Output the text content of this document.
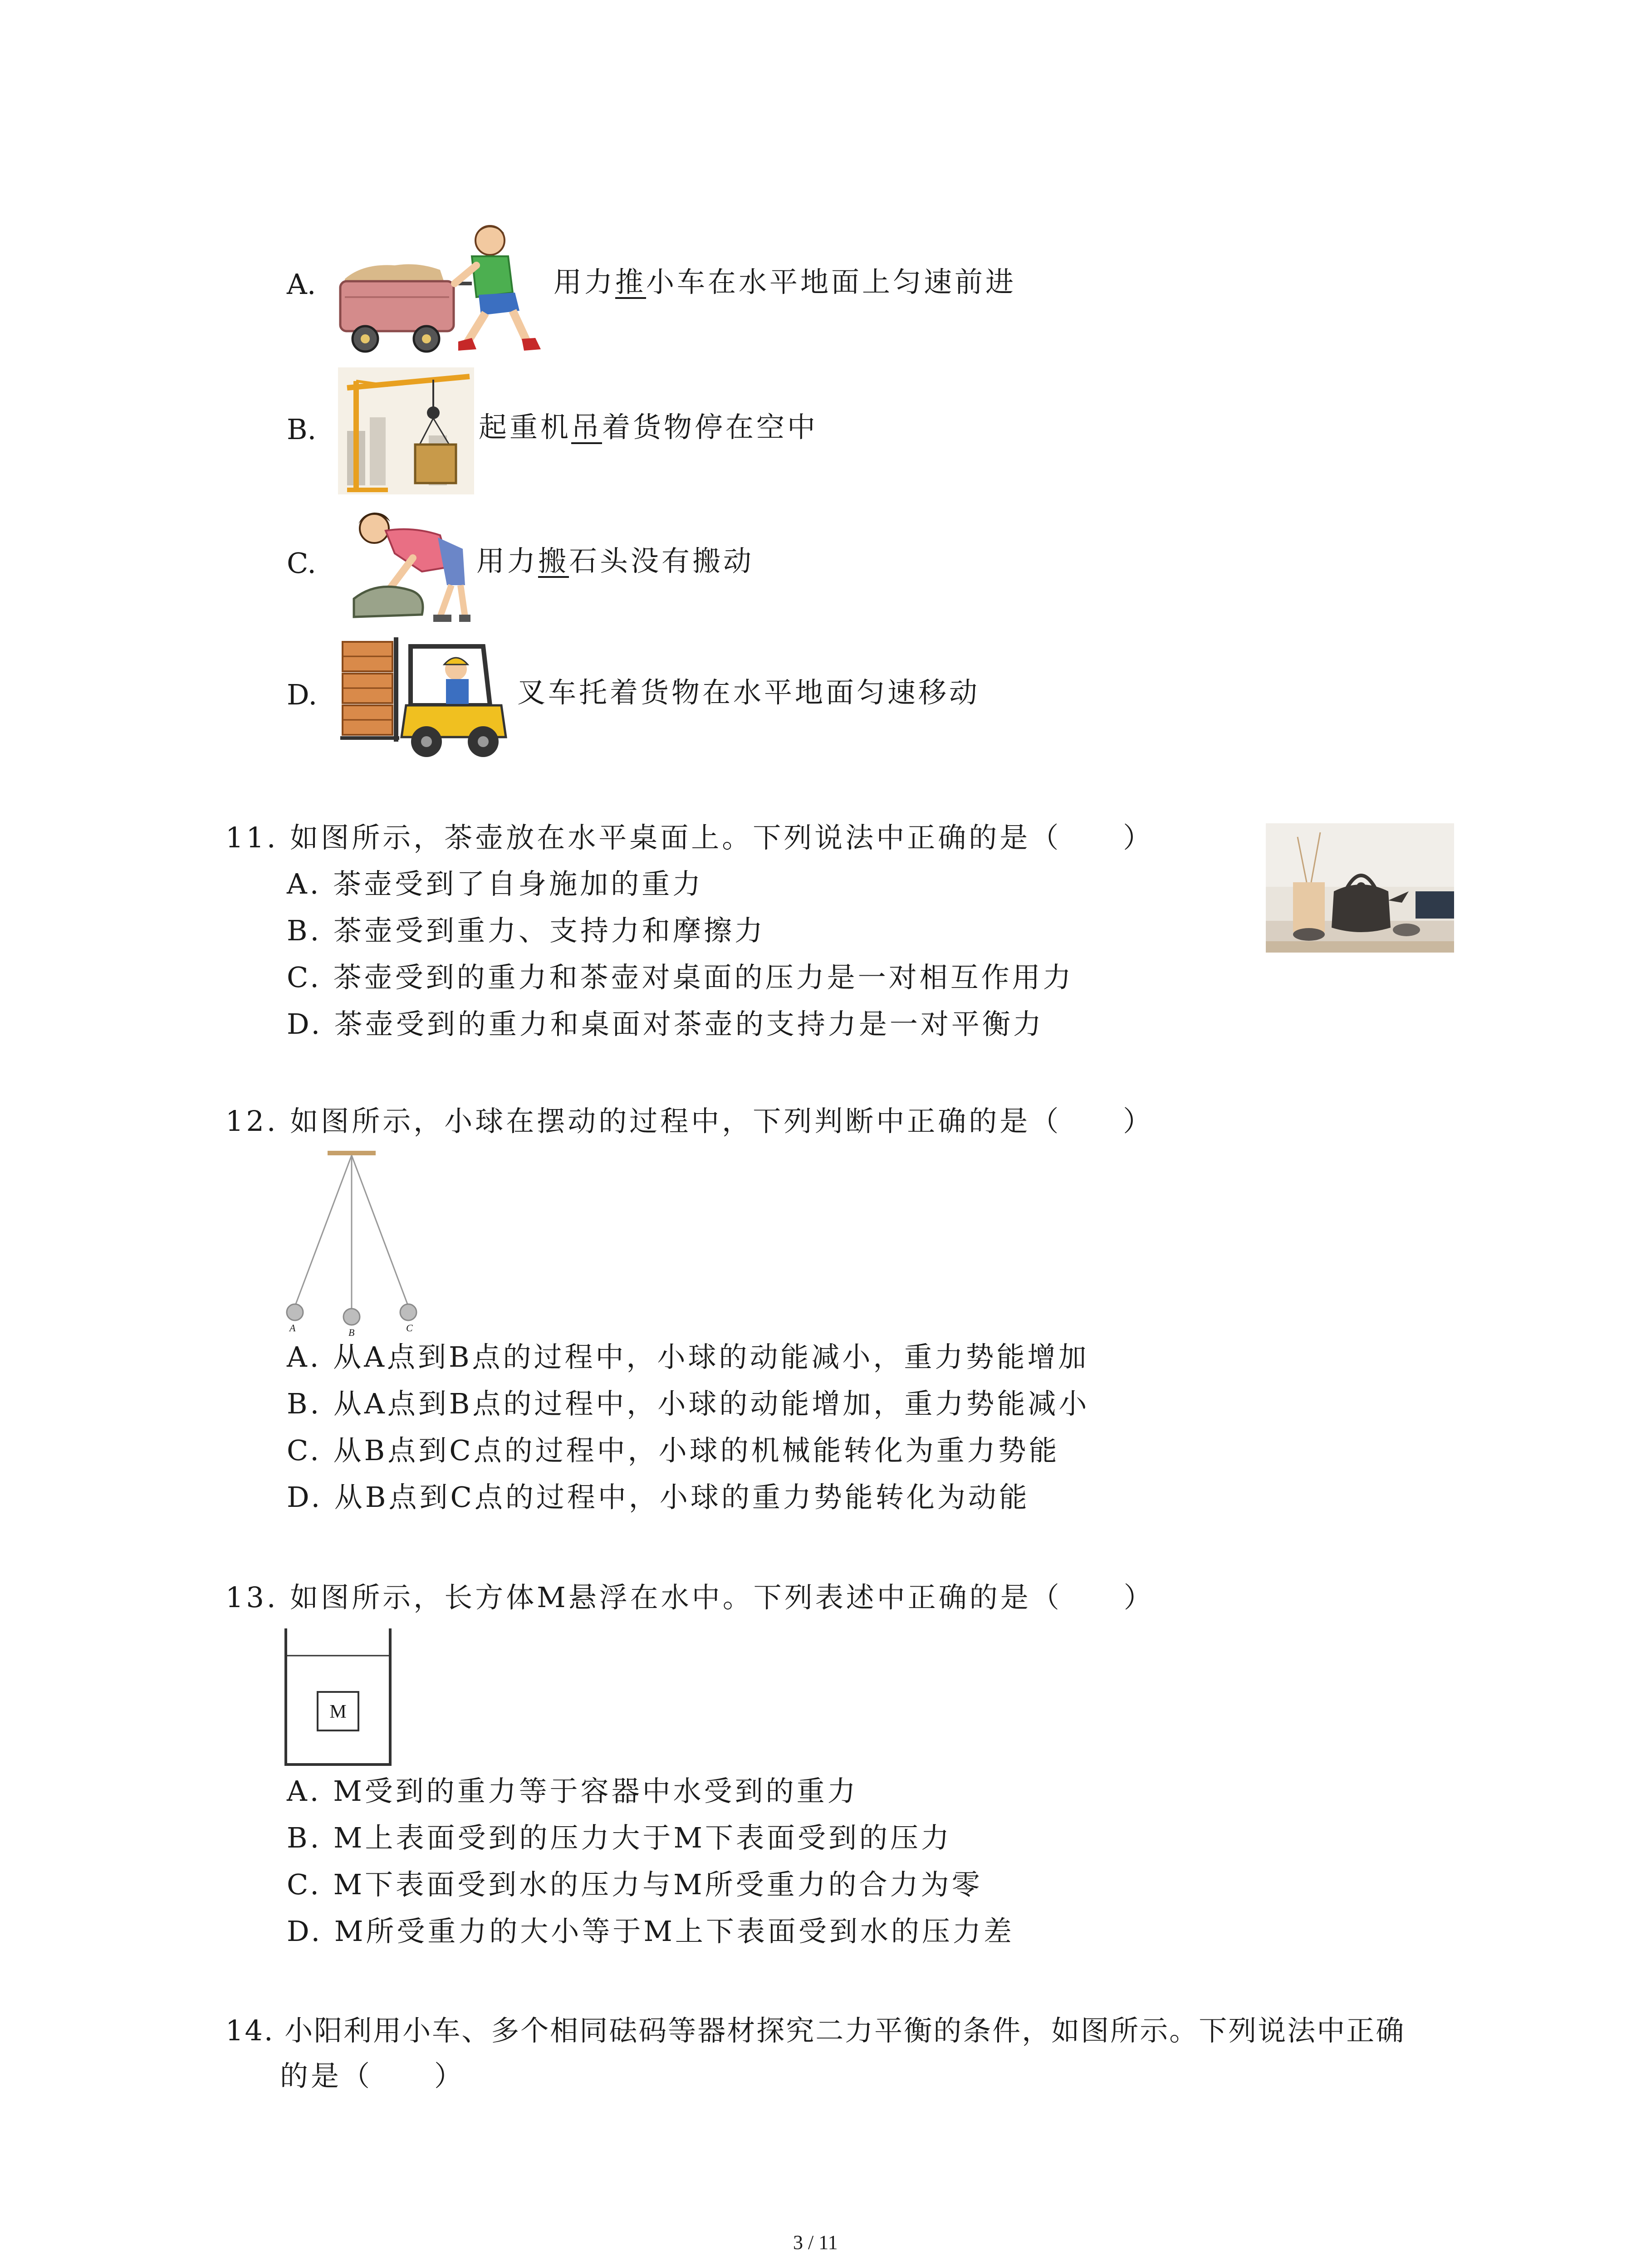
A.	用力推小车在水平地面上匀速前进
B.	起重机吊着货物停在空中
C.	用力搬石头没有搬动
D.	叉车托着货物在水平地面匀速移动
11. 如图所示，茶壶放在水平桌面上。下列说法中正确的是（　　）
A. 茶壶受到了自身施加的重力
B. 茶壶受到重力、支持力和摩擦力
C. 茶壶受到的重力和茶壶对桌面的压力是一对相互作用力
D. 茶壶受到的重力和桌面对茶壶的支持力是一对平衡力
12. 如图所示，小球在摆动的过程中，下列判断中正确的是（　　）
A	B	C
A. 从A点到B点的过程中，小球的动能减小，重力势能增加
B. 从A点到B点的过程中，小球的动能增加，重力势能减小
C. 从B点到C点的过程中，小球的机械能转化为重力势能
D. 从B点到C点的过程中，小球的重力势能转化为动能
13. 如图所示，长方体M悬浮在水中。下列表述中正确的是（　　）
M
A. M受到的重力等于容器中水受到的重力
B. M上表面受到的压力大于M下表面受到的压力
C. M下表面受到水的压力与M所受重力的合力为零
D. M所受重力的大小等于M上下表面受到水的压力差
14. 小阳利用小车、多个相同砝码等器材探究二力平衡的条件，如图所示。下列说法中正确
的是（　　）
3 / 11
